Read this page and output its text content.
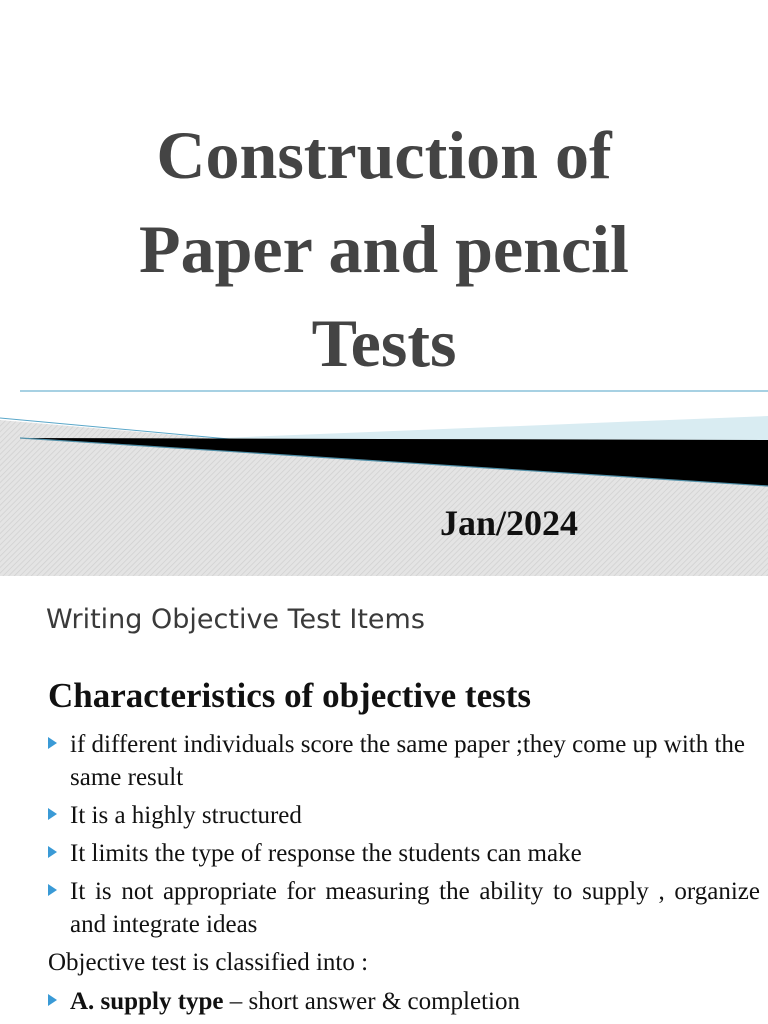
Construction of
Paper and pencil
Tests

Jan/2024

Writing Objective Test Items
Characteristics of objective tests
if different individuals score the same paper ;they come up with the same result
It is a highly structured
It limits the type of response the students can make
It is not appropriate for measuring the ability to supply , organize and integrate ideas

Objective test is classified into :

A. supply type – short answer & completion
